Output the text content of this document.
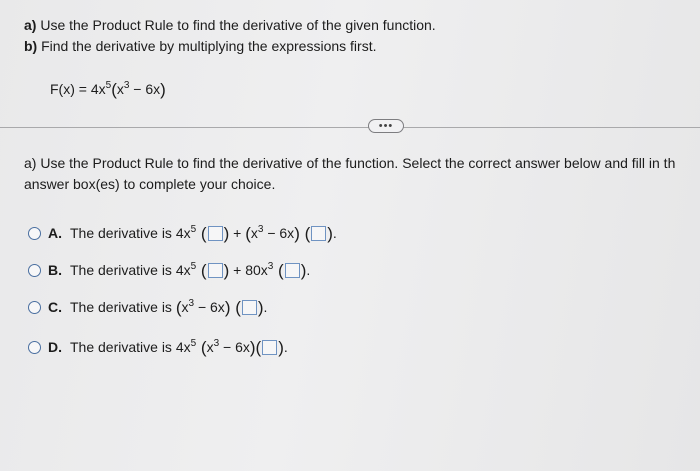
a) Use the Product Rule to find the derivative of the given function.
b) Find the derivative by multiplying the expressions first.
$F(x) = 4x^5(x^3 - 6x)$
•••
a) Use the Product Rule to find the derivative of the function. Select the correct answer below and fill in th
answer box(es) to complete your choice.
A. The derivative is $4x^5$ ( ) + $(x^3 - 6x)$ ( ).
B. The derivative is $4x^5$ ( ) + $80x^3$ ( ).
C. The derivative is $(x^3 - 6x)$ ( ).
D. The derivative is $4x^5$ $(x^3 - 6x)$( ).
